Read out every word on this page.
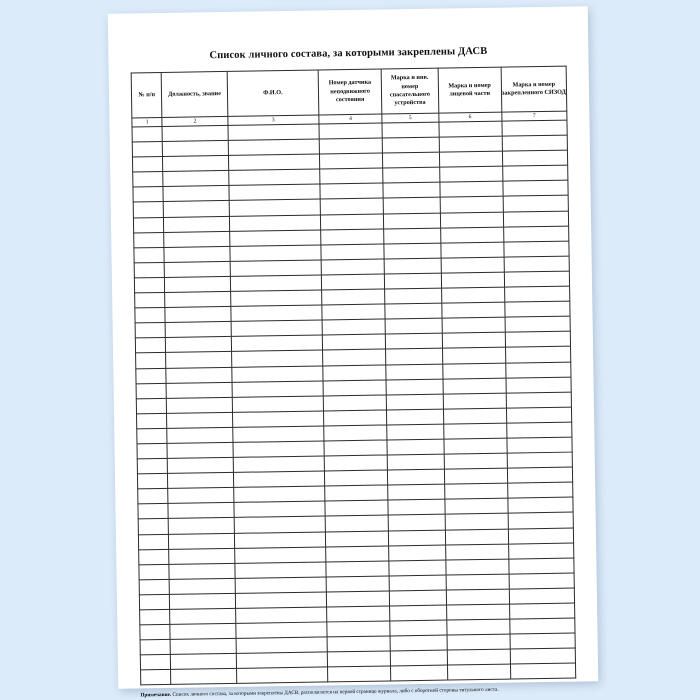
Список личного состава, за которыми закреплены ДАСВ
№ п/п	Должность, звание	Ф.И.О.	Номер датчика неподвижного состояния	Марка и инв. номер спасательного устройства	Марка и номер лицевой части	Марка и номер закрепленного СИЗОД
1	2	3	4	5	6	7

Примечание. Список личного состава, за которыми закреплены ДАСВ, располагается на первой странице журнала, либо с оборотной стороны титульного листа.
